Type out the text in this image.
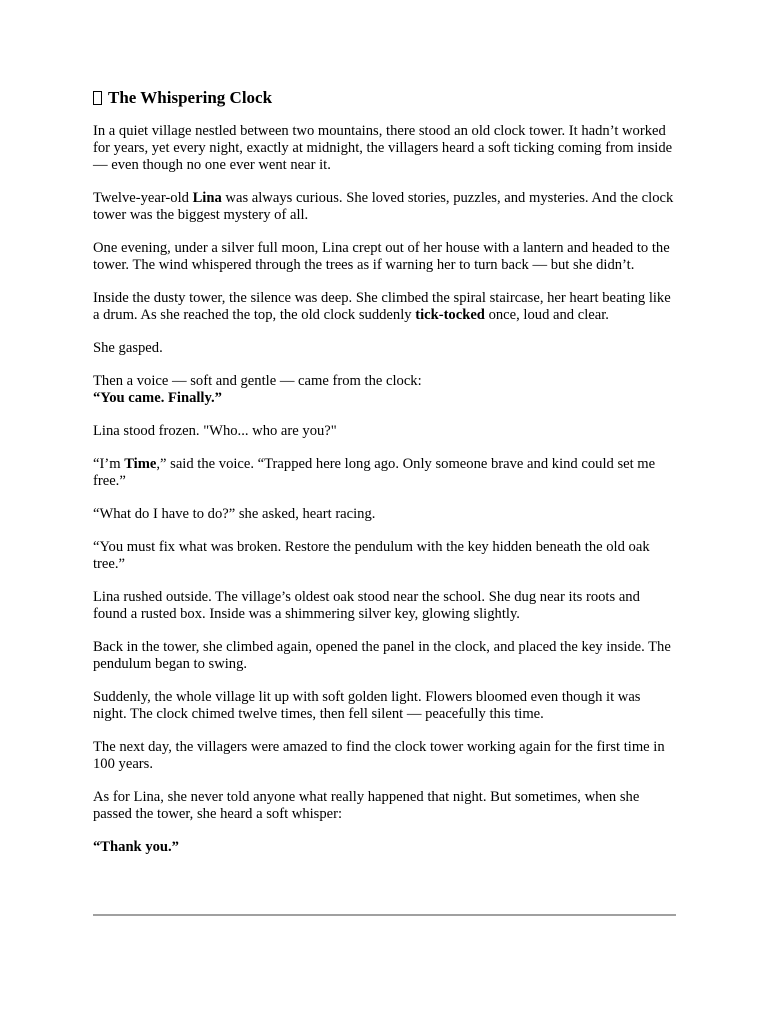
The Whispering Clock

In a quiet village nestled between two mountains, there stood an old clock tower. It hadn’t worked for years, yet every night, exactly at midnight, the villagers heard a soft ticking coming from inside — even though no one ever went near it.

Twelve-year-old Lina was always curious. She loved stories, puzzles, and mysteries. And the clock tower was the biggest mystery of all.

One evening, under a silver full moon, Lina crept out of her house with a lantern and headed to the tower. The wind whispered through the trees as if warning her to turn back — but she didn’t.

Inside the dusty tower, the silence was deep. She climbed the spiral staircase, her heart beating like a drum. As she reached the top, the old clock suddenly tick-tocked once, loud and clear.

She gasped.

Then a voice — soft and gentle — came from the clock:
“You came. Finally.”

Lina stood frozen. "Who... who are you?"

“I’m Time,” said the voice. “Trapped here long ago. Only someone brave and kind could set me free.”

“What do I have to do?” she asked, heart racing.

“You must fix what was broken. Restore the pendulum with the key hidden beneath the old oak tree.”

Lina rushed outside. The village’s oldest oak stood near the school. She dug near its roots and found a rusted box. Inside was a shimmering silver key, glowing slightly.

Back in the tower, she climbed again, opened the panel in the clock, and placed the key inside. The pendulum began to swing.

Suddenly, the whole village lit up with soft golden light. Flowers bloomed even though it was night. The clock chimed twelve times, then fell silent — peacefully this time.

The next day, the villagers were amazed to find the clock tower working again for the first time in 100 years.

As for Lina, she never told anyone what really happened that night. But sometimes, when she passed the tower, she heard a soft whisper:

“Thank you.”
